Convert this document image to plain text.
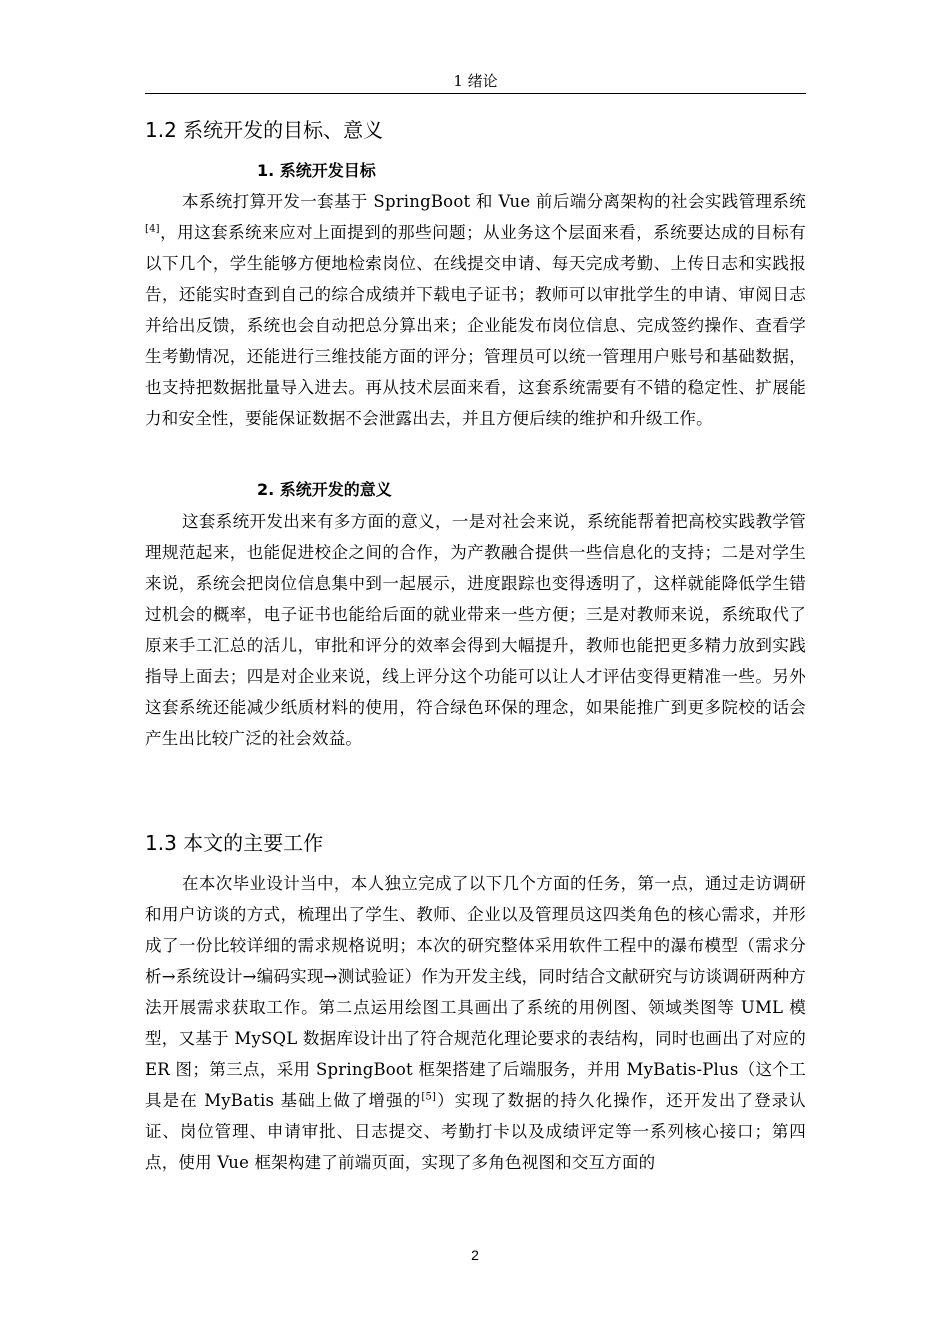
1 绪论
1.2 系统开发的目标、意义
1. 系统开发目标
本系统打算开发一套基于 SpringBoot 和 Vue 前后端分离架构的社会实践管理系统[4]，用这套系统来应对上面提到的那些问题；从业务这个层面来看，系统要达成的目标有以下几个，学生能够方便地检索岗位、在线提交申请、每天完成考勤、上传日志和实践报告，还能实时查到自己的综合成绩并下载电子证书；教师可以审批学生的申请、审阅日志并给出反馈，系统也会自动把总分算出来；企业能发布岗位信息、完成签约操作、查看学生考勤情况，还能进行三维技能方面的评分；管理员可以统一管理用户账号和基础数据，也支持把数据批量导入进去。再从技术层面来看，这套系统需要有不错的稳定性、扩展能力和安全性，要能保证数据不会泄露出去，并且方便后续的维护和升级工作。
2. 系统开发的意义
这套系统开发出来有多方面的意义，一是对社会来说，系统能帮着把高校实践教学管理规范起来，也能促进校企之间的合作，为产教融合提供一些信息化的支持；二是对学生来说，系统会把岗位信息集中到一起展示，进度跟踪也变得透明了，这样就能降低学生错过机会的概率，电子证书也能给后面的就业带来一些方便；三是对教师来说，系统取代了原来手工汇总的活儿，审批和评分的效率会得到大幅提升，教师也能把更多精力放到实践指导上面去；四是对企业来说，线上评分这个功能可以让人才评估变得更精准一些。另外这套系统还能减少纸质材料的使用，符合绿色环保的理念，如果能推广到更多院校的话会产生出比较广泛的社会效益。
1.3 本文的主要工作
在本次毕业设计当中，本人独立完成了以下几个方面的任务，第一点，通过走访调研和用户访谈的方式，梳理出了学生、教师、企业以及管理员这四类角色的核心需求，并形成了一份比较详细的需求规格说明；本次的研究整体采用软件工程中的瀑布模型（需求分析→系统设计→编码实现→测试验证）作为开发主线，同时结合文献研究与访谈调研两种方法开展需求获取工作。第二点运用绘图工具画出了系统的用例图、领域类图等 UML 模型，又基于 MySQL 数据库设计出了符合规范化理论要求的表结构，同时也画出了对应的 ER 图；第三点，采用 SpringBoot 框架搭建了后端服务，并用 MyBatis-Plus（这个工具是在 MyBatis 基础上做了增强的[5]）实现了数据的持久化操作，还开发出了登录认证、岗位管理、申请审批、日志提交、考勤打卡以及成绩评定等一系列核心接口；第四点，使用 Vue 框架构建了前端页面，实现了多角色视图和交互方面的
2
